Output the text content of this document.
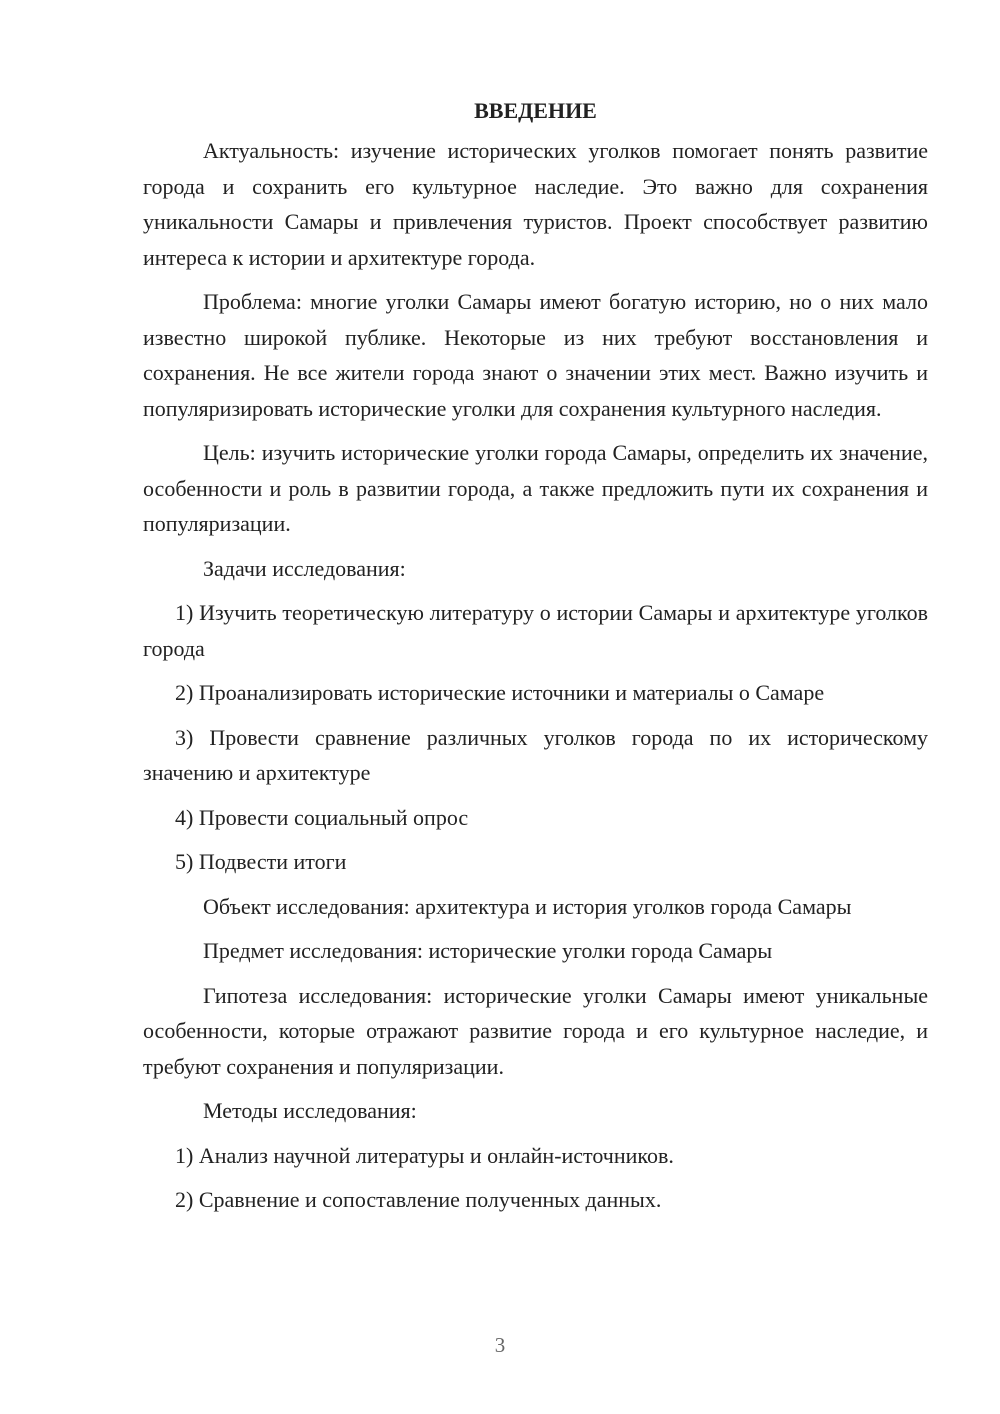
ВВЕДЕНИЕ

Актуальность: изучение исторических уголков помогает понять развитие города и сохранить его культурное наследие. Это важно для сохранения уникальности Самары и привлечения туристов. Проект способствует развитию интереса к истории и архитектуре города.

Проблема: многие уголки Самары имеют богатую историю, но о них мало известно широкой публике. Некоторые из них требуют восстановления и сохранения. Не все жители города знают о значении этих мест. Важно изучить и популяризировать исторические уголки для сохранения культурного наследия.

Цель: изучить исторические уголки города Самары, определить их значение, особенности и роль в развитии города, а также предложить пути их сохранения и популяризации.

Задачи исследования:

1) Изучить теоретическую литературу о истории Самары и архитектуре уголков города

2) Проанализировать исторические источники и материалы о Самаре

3) Провести сравнение различных уголков города по их историческому значению и архитектуре

4) Провести социальный опрос

5) Подвести итоги

Объект исследования: архитектура и история уголков города Самары

Предмет исследования: исторические уголки города Самары

Гипотеза исследования: исторические уголки Самары имеют уникальные особенности, которые отражают развитие города и его культурное наследие, и требуют сохранения и популяризации.

Методы исследования:

1) Анализ научной литературы и онлайн-источников.

2) Сравнение и сопоставление полученных данных.

3
